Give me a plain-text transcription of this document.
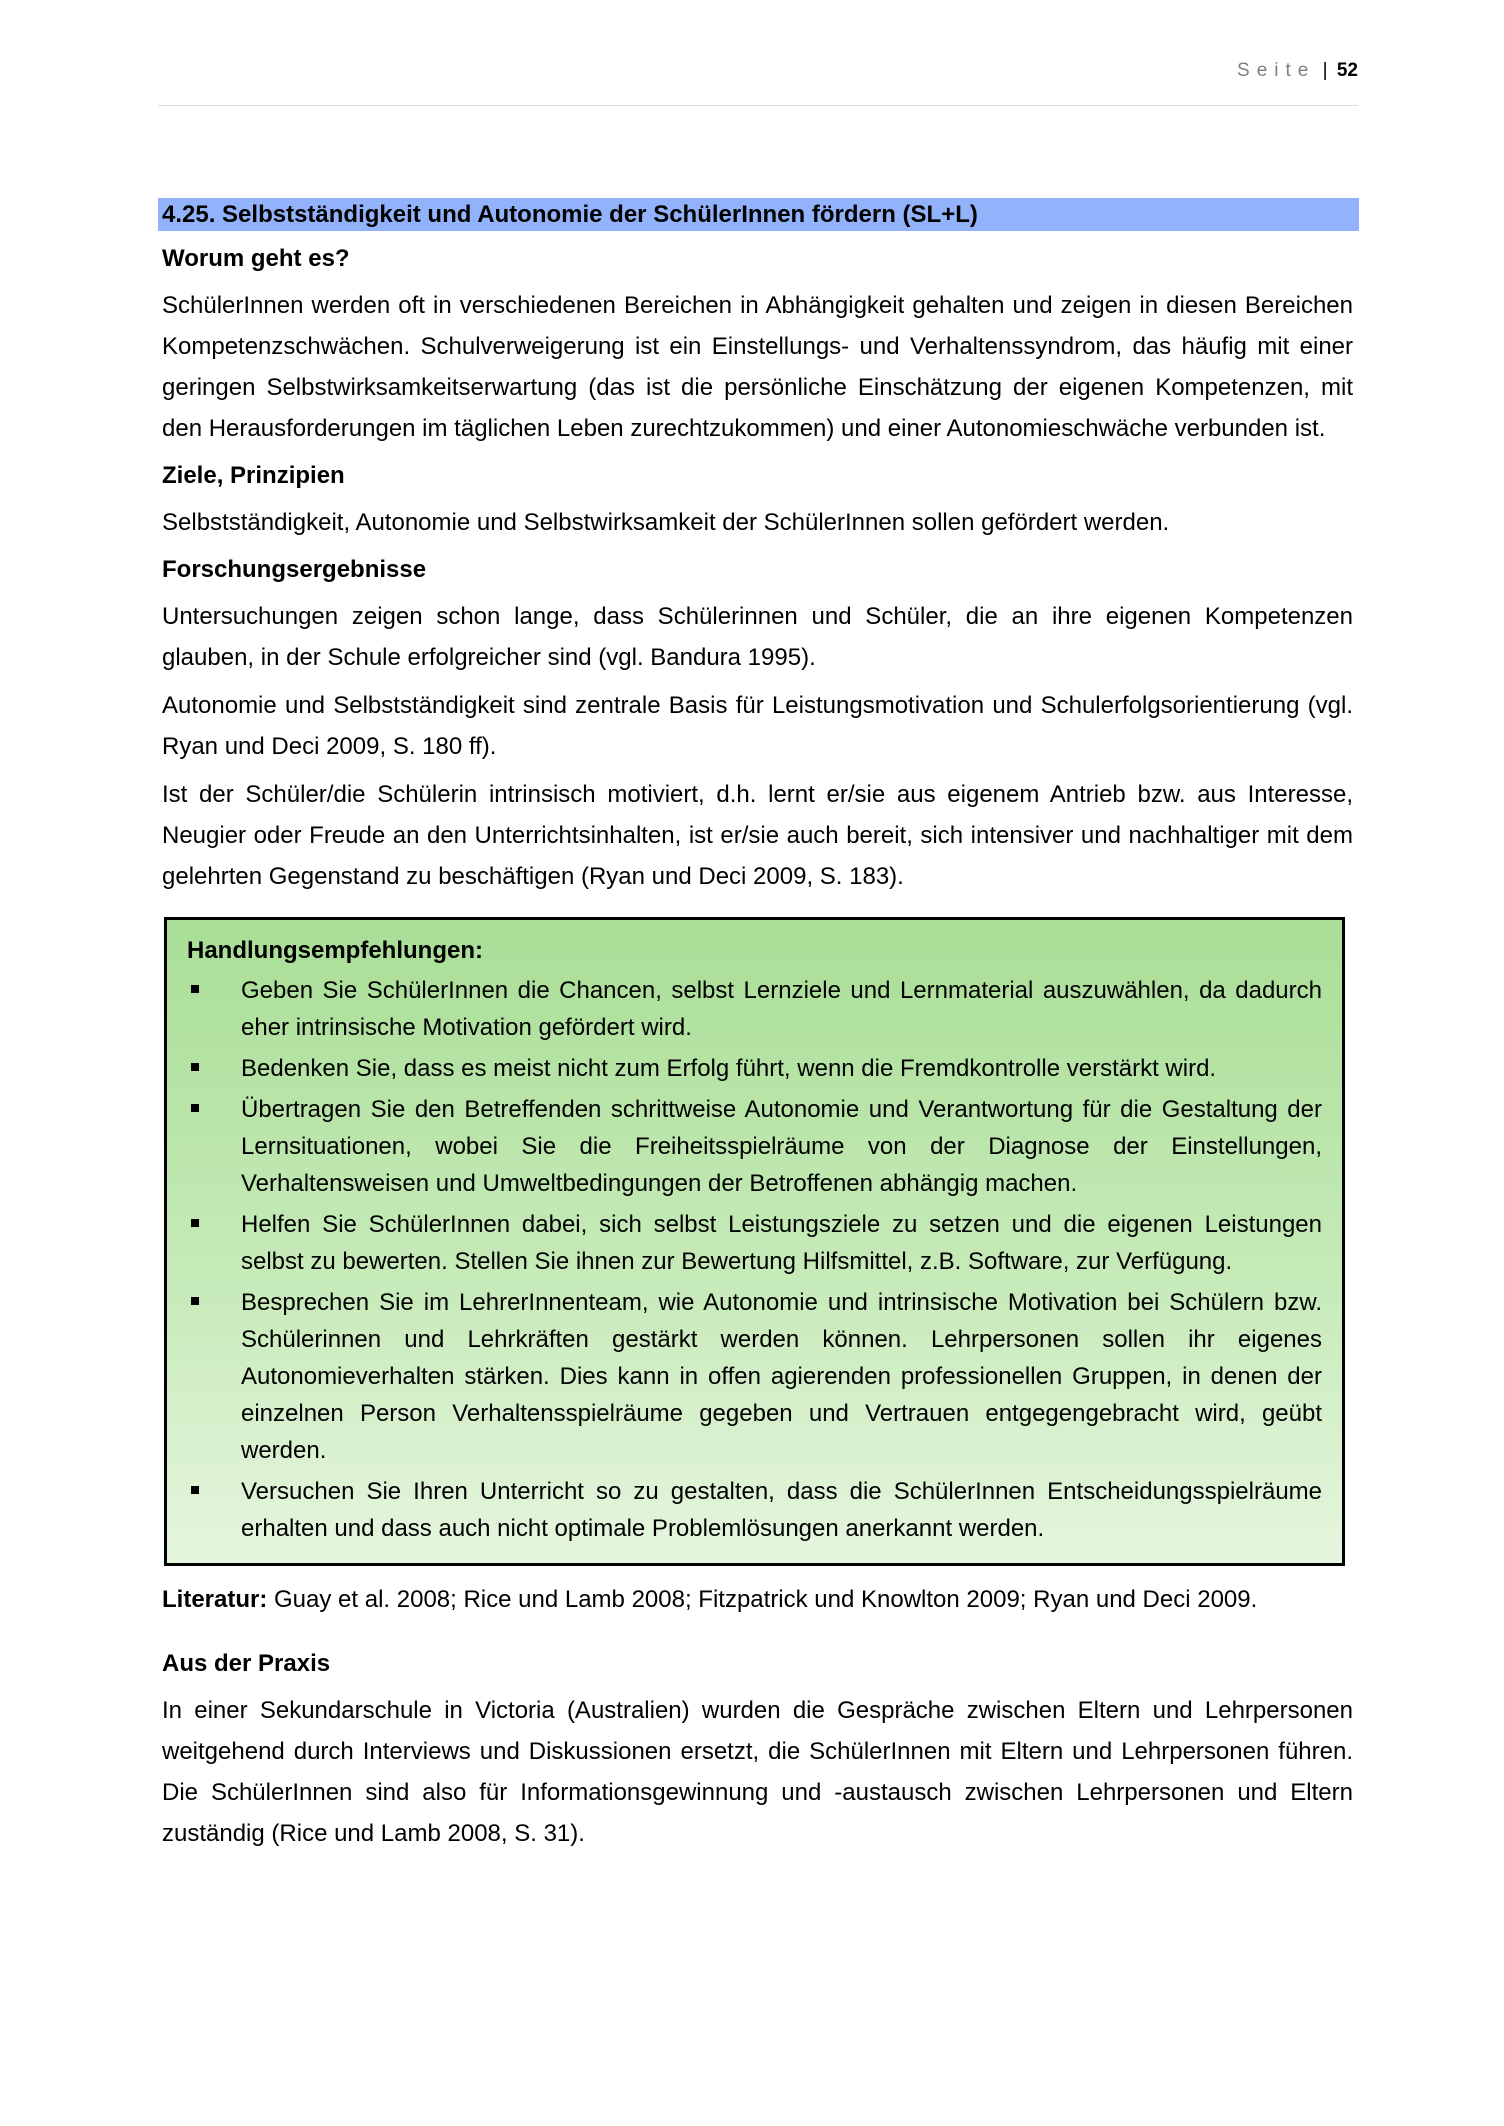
Seite | 52
4.25. Selbstständigkeit und Autonomie der SchülerInnen fördern (SL+L)
Worum geht es?

SchülerInnen werden oft in verschiedenen Bereichen in Abhängigkeit gehalten und zeigen in diesen Bereichen Kompetenzschwächen. Schulverweigerung ist ein Einstellungs- und Verhaltenssyndrom, das häufig mit einer geringen Selbstwirksamkeitserwartung (das ist die persönliche Einschätzung der eigenen Kompetenzen, mit den Herausforderungen im täglichen Leben zurechtzukommen) und einer Autonomieschwäche verbunden ist.

Ziele, Prinzipien

Selbstständigkeit, Autonomie und Selbstwirksamkeit der SchülerInnen sollen gefördert werden.

Forschungsergebnisse

Untersuchungen zeigen schon lange, dass Schülerinnen und Schüler, die an ihre eigenen Kompetenzen glauben, in der Schule erfolgreicher sind (vgl. Bandura 1995).

Autonomie und Selbstständigkeit sind zentrale Basis für Leistungsmotivation und Schulerfolgsorientierung (vgl. Ryan und Deci 2009, S. 180 ff).

Ist der Schüler/die Schülerin intrinsisch motiviert, d.h. lernt er/sie aus eigenem Antrieb bzw. aus Interesse, Neugier oder Freude an den Unterrichtsinhalten, ist er/sie auch bereit, sich intensiver und nachhaltiger mit dem gelehrten Gegenstand zu beschäftigen (Ryan und Deci 2009, S. 183).

Handlungsempfehlungen:
Geben Sie SchülerInnen die Chancen, selbst Lernziele und Lernmaterial auszuwählen, da dadurch eher intrinsische Motivation gefördert wird.
Bedenken Sie, dass es meist nicht zum Erfolg führt, wenn die Fremdkontrolle verstärkt wird.
Übertragen Sie den Betreffenden schrittweise Autonomie und Verantwortung für die Gestaltung der Lernsituationen, wobei Sie die Freiheitsspielräume von der Diagnose der Einstellungen, Verhaltensweisen und Umweltbedingungen der Betroffenen abhängig machen.
Helfen Sie SchülerInnen dabei, sich selbst Leistungsziele zu setzen und die eigenen Leistungen selbst zu bewerten. Stellen Sie ihnen zur Bewertung Hilfsmittel, z.B. Software, zur Verfügung.
Besprechen Sie im LehrerInnenteam, wie Autonomie und intrinsische Motivation bei Schülern bzw. Schülerinnen und Lehrkräften gestärkt werden können. Lehrpersonen sollen ihr eigenes Autonomieverhalten stärken. Dies kann in offen agierenden professionellen Gruppen, in denen der einzelnen Person Verhaltensspielräume gegeben und Vertrauen entgegengebracht wird, geübt werden.
Versuchen Sie Ihren Unterricht so zu gestalten, dass die SchülerInnen Entscheidungsspielräume erhalten und dass auch nicht optimale Problemlösungen anerkannt werden.

Literatur: Guay et al. 2008; Rice und Lamb 2008; Fitzpatrick und Knowlton 2009; Ryan und Deci 2009.

Aus der Praxis

In einer Sekundarschule in Victoria (Australien) wurden die Gespräche zwischen Eltern und Lehrpersonen weitgehend durch Interviews und Diskussionen ersetzt, die SchülerInnen mit Eltern und Lehrpersonen führen. Die SchülerInnen sind also für Informationsgewinnung und -austausch zwischen Lehrpersonen und Eltern zuständig (Rice und Lamb 2008, S. 31).
